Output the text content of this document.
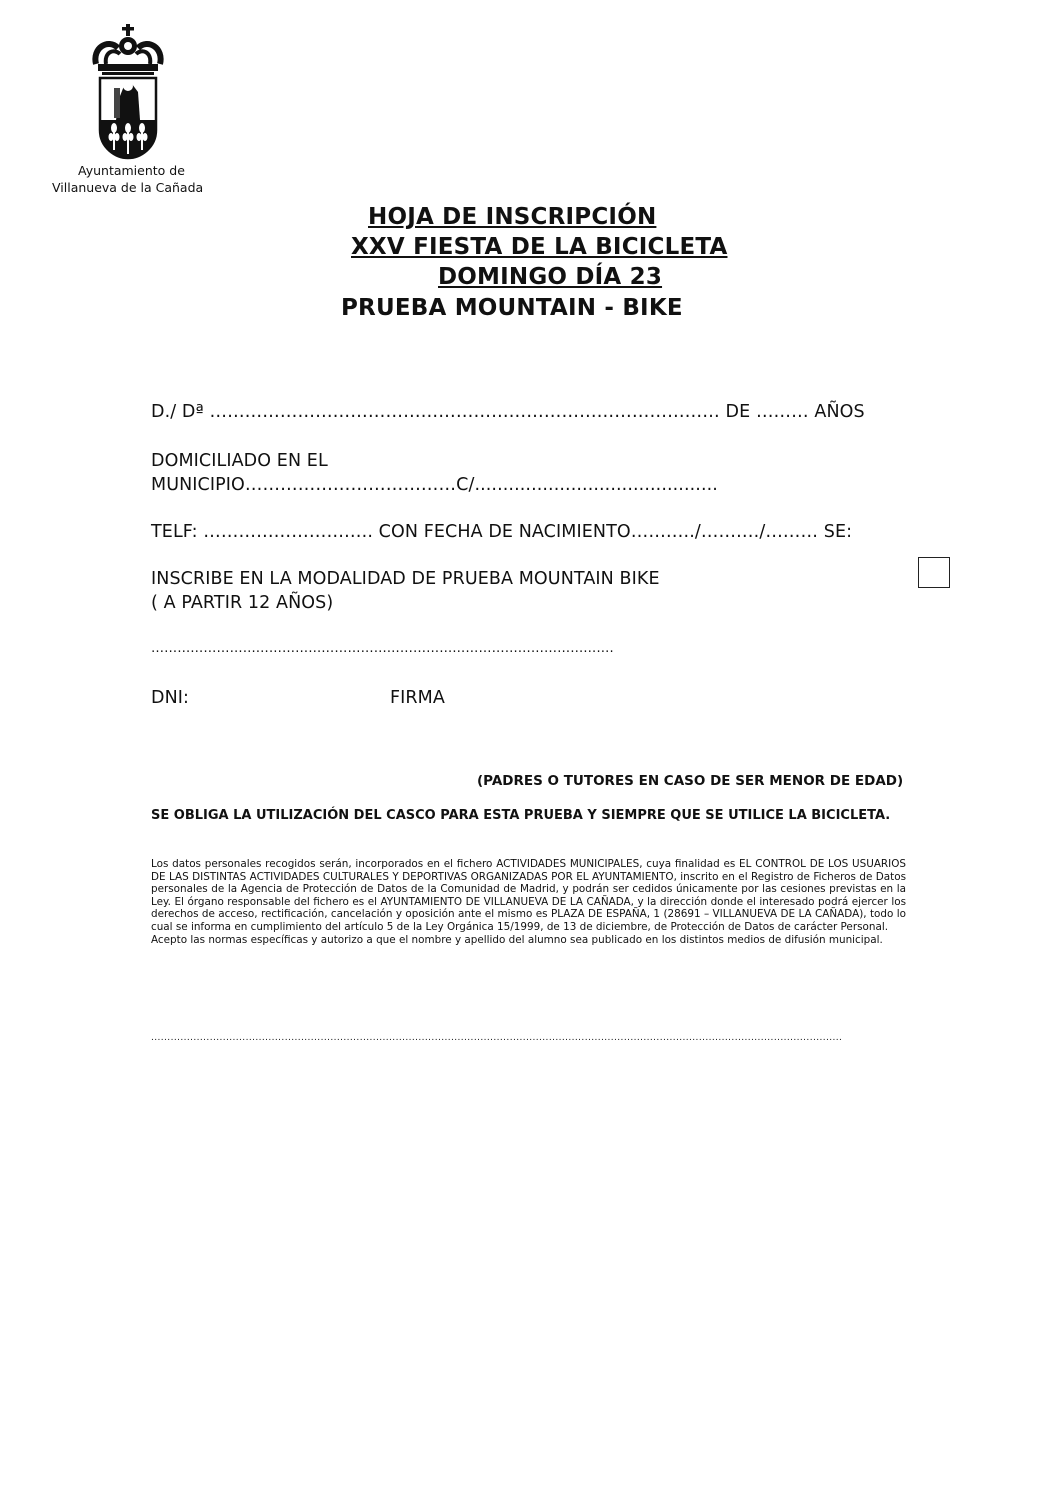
Ayuntamiento de
Villanueva de la Cañada
HOJA DE INSCRIPCIÓN
XXV FIESTA DE LA BICICLETA
DOMINGO DÍA 23
PRUEBA MOUNTAIN - BIKE
D./ Dª …………………………………………………………………………… DE ……… AÑOS
DOMICILIADO EN EL
MUNICIPIO………………………………C/...........................................
TELF: ……………………….. CON FECHA DE NACIMIENTO………../………./……… SE:
INSCRIBE EN LA MODALIDAD DE PRUEBA MOUNTAIN BIKE
( A PARTIR 12 AÑOS)
…………………………………………………………………………………………….
DNI:	FIRMA
(PADRES O TUTORES EN CASO DE SER MENOR DE EDAD)
SE OBLIGA LA UTILIZACIÓN DEL CASCO PARA ESTA PRUEBA Y SIEMPRE QUE SE UTILICE LA BICICLETA.

Los datos personales recogidos serán, incorporados en el fichero ACTIVIDADES MUNICIPALES, cuya finalidad es EL CONTROL DE LOS USUARIOS DE LAS DISTINTAS ACTIVIDADES CULTURALES Y DEPORTIVAS ORGANIZADAS POR EL AYUNTAMIENTO, inscrito en el Registro de Ficheros de Datos personales de la Agencia de Protección de Datos de la Comunidad de Madrid, y podrán ser cedidos únicamente por las cesiones previstas en la Ley. El órgano responsable del fichero es el AYUNTAMIENTO DE VILLANUEVA DE LA CAÑADA, y la dirección donde el interesado podrá ejercer los derechos de acceso, rectificación, cancelación y oposición ante el mismo es PLAZA DE ESPAÑA, 1 (28691 – VILLANUEVA DE LA CAÑADA), todo lo cual se informa en cumplimiento del artículo 5 de la Ley Orgánica 15/1999, de 13 de diciembre, de Protección de Datos de carácter Personal.

Acepto las normas específicas y autorizo a que el nombre y apellido del alumno sea publicado en los distintos medios de difusión municipal.

....................................................................................................................................................................................................................
